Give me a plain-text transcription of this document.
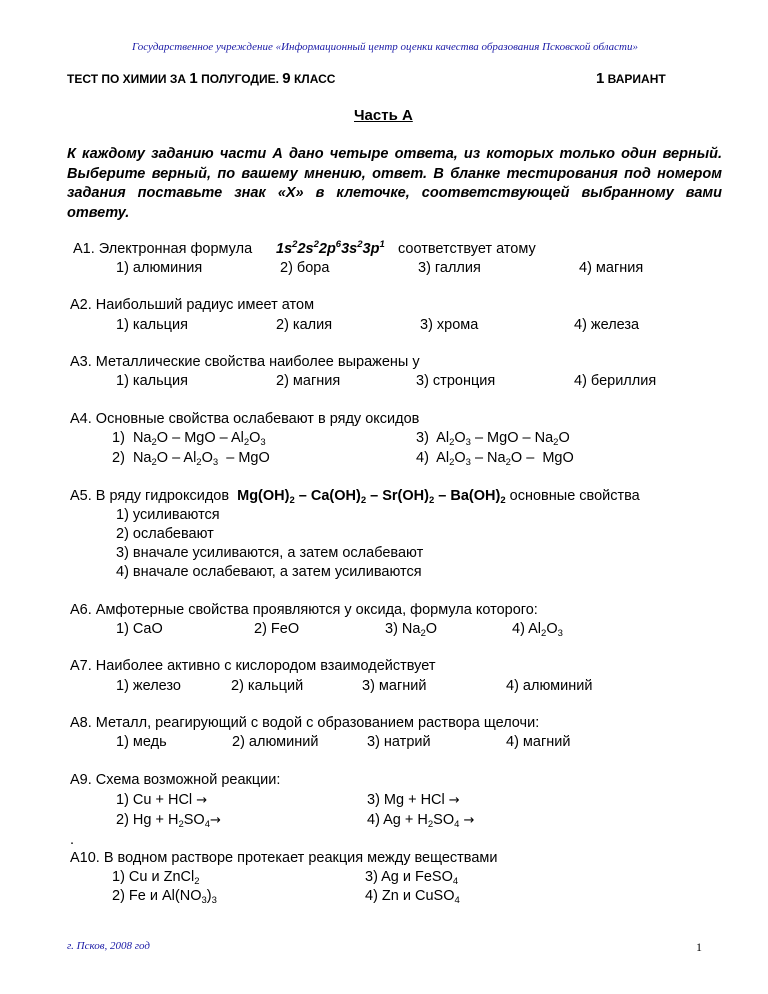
Государственное учреждение «Информационный центр оценки качества образования Псковской области»
ТЕСТ ПО ХИМИИ ЗА 1 ПОЛУГОДИЕ. 9 КЛАСС	1 ВАРИАНТ
Часть А
К каждому заданию части А дано четыре ответа, из которых только один верный. Выберите верный, по вашему мнению, ответ. В бланке тестирования под номером задания поставьте знак «Х» в клеточке, соответствующей выбранному вами ответу.
А1. Электронная формула $1s^22s^22p^63s^23p^1$ соответствует атому
1) алюминия	2) бора	3) галлия	4) магния
А2. Наибольший радиус имеет атом
1) кальция	2) калия	3) хрома	4) железа
А3. Металлические свойства наиболее выражены у
1) кальция	2) магния	3) стронция	4) бериллия
А4. Основные свойства ослабевают в ряду оксидов
1)  $Na_2O$ – MgO – $Al_2O_3$
2)  $Na_2O - Al_2O_3$  – MgO
3)  $Al_2O_3$ – MgO – $Na_2O$
4)  $Al_2O_3 - Na_2O$ –  MgO
А5. В ряду гидроксидов $Mg(OH)_2 - Ca(OH)_2 - Sr(OH)_2 - Ba(OH)_2$ основные свойства
1) усиливаются
2) ослабевают
3) вначале усиливаются, а затем ослабевают
4) вначале ослабевают, а затем усиливаются
А6. Амфотерные свойства проявляются у оксида, формула которого:
1) CaO	2) FeO	3) $Na_2O$	4) $Al_2O_3$
А7. Наиболее активно с кислородом взаимодействует
1) железо	2) кальций	3) магний	4) алюминий
А8. Металл, реагирующий с водой с образованием раствора щелочи:
1) медь	2) алюминий	3) натрий	4) магний
А9. Схема возможной реакции:
1) Cu + HCl →
2) $Hg + H_2SO_4\to$
3) Mg + HCl →
4) $Ag + H_2SO_4$ →
.
А10. В водном растворе протекает реакция между веществами
1) Cu и ZnCl$_2$
2) Fe и $Al(NO_3)_3$
3) Ag и FeSO$_4$
4) Zn и CuSO$_4$
г. Псков, 2008 год	1
